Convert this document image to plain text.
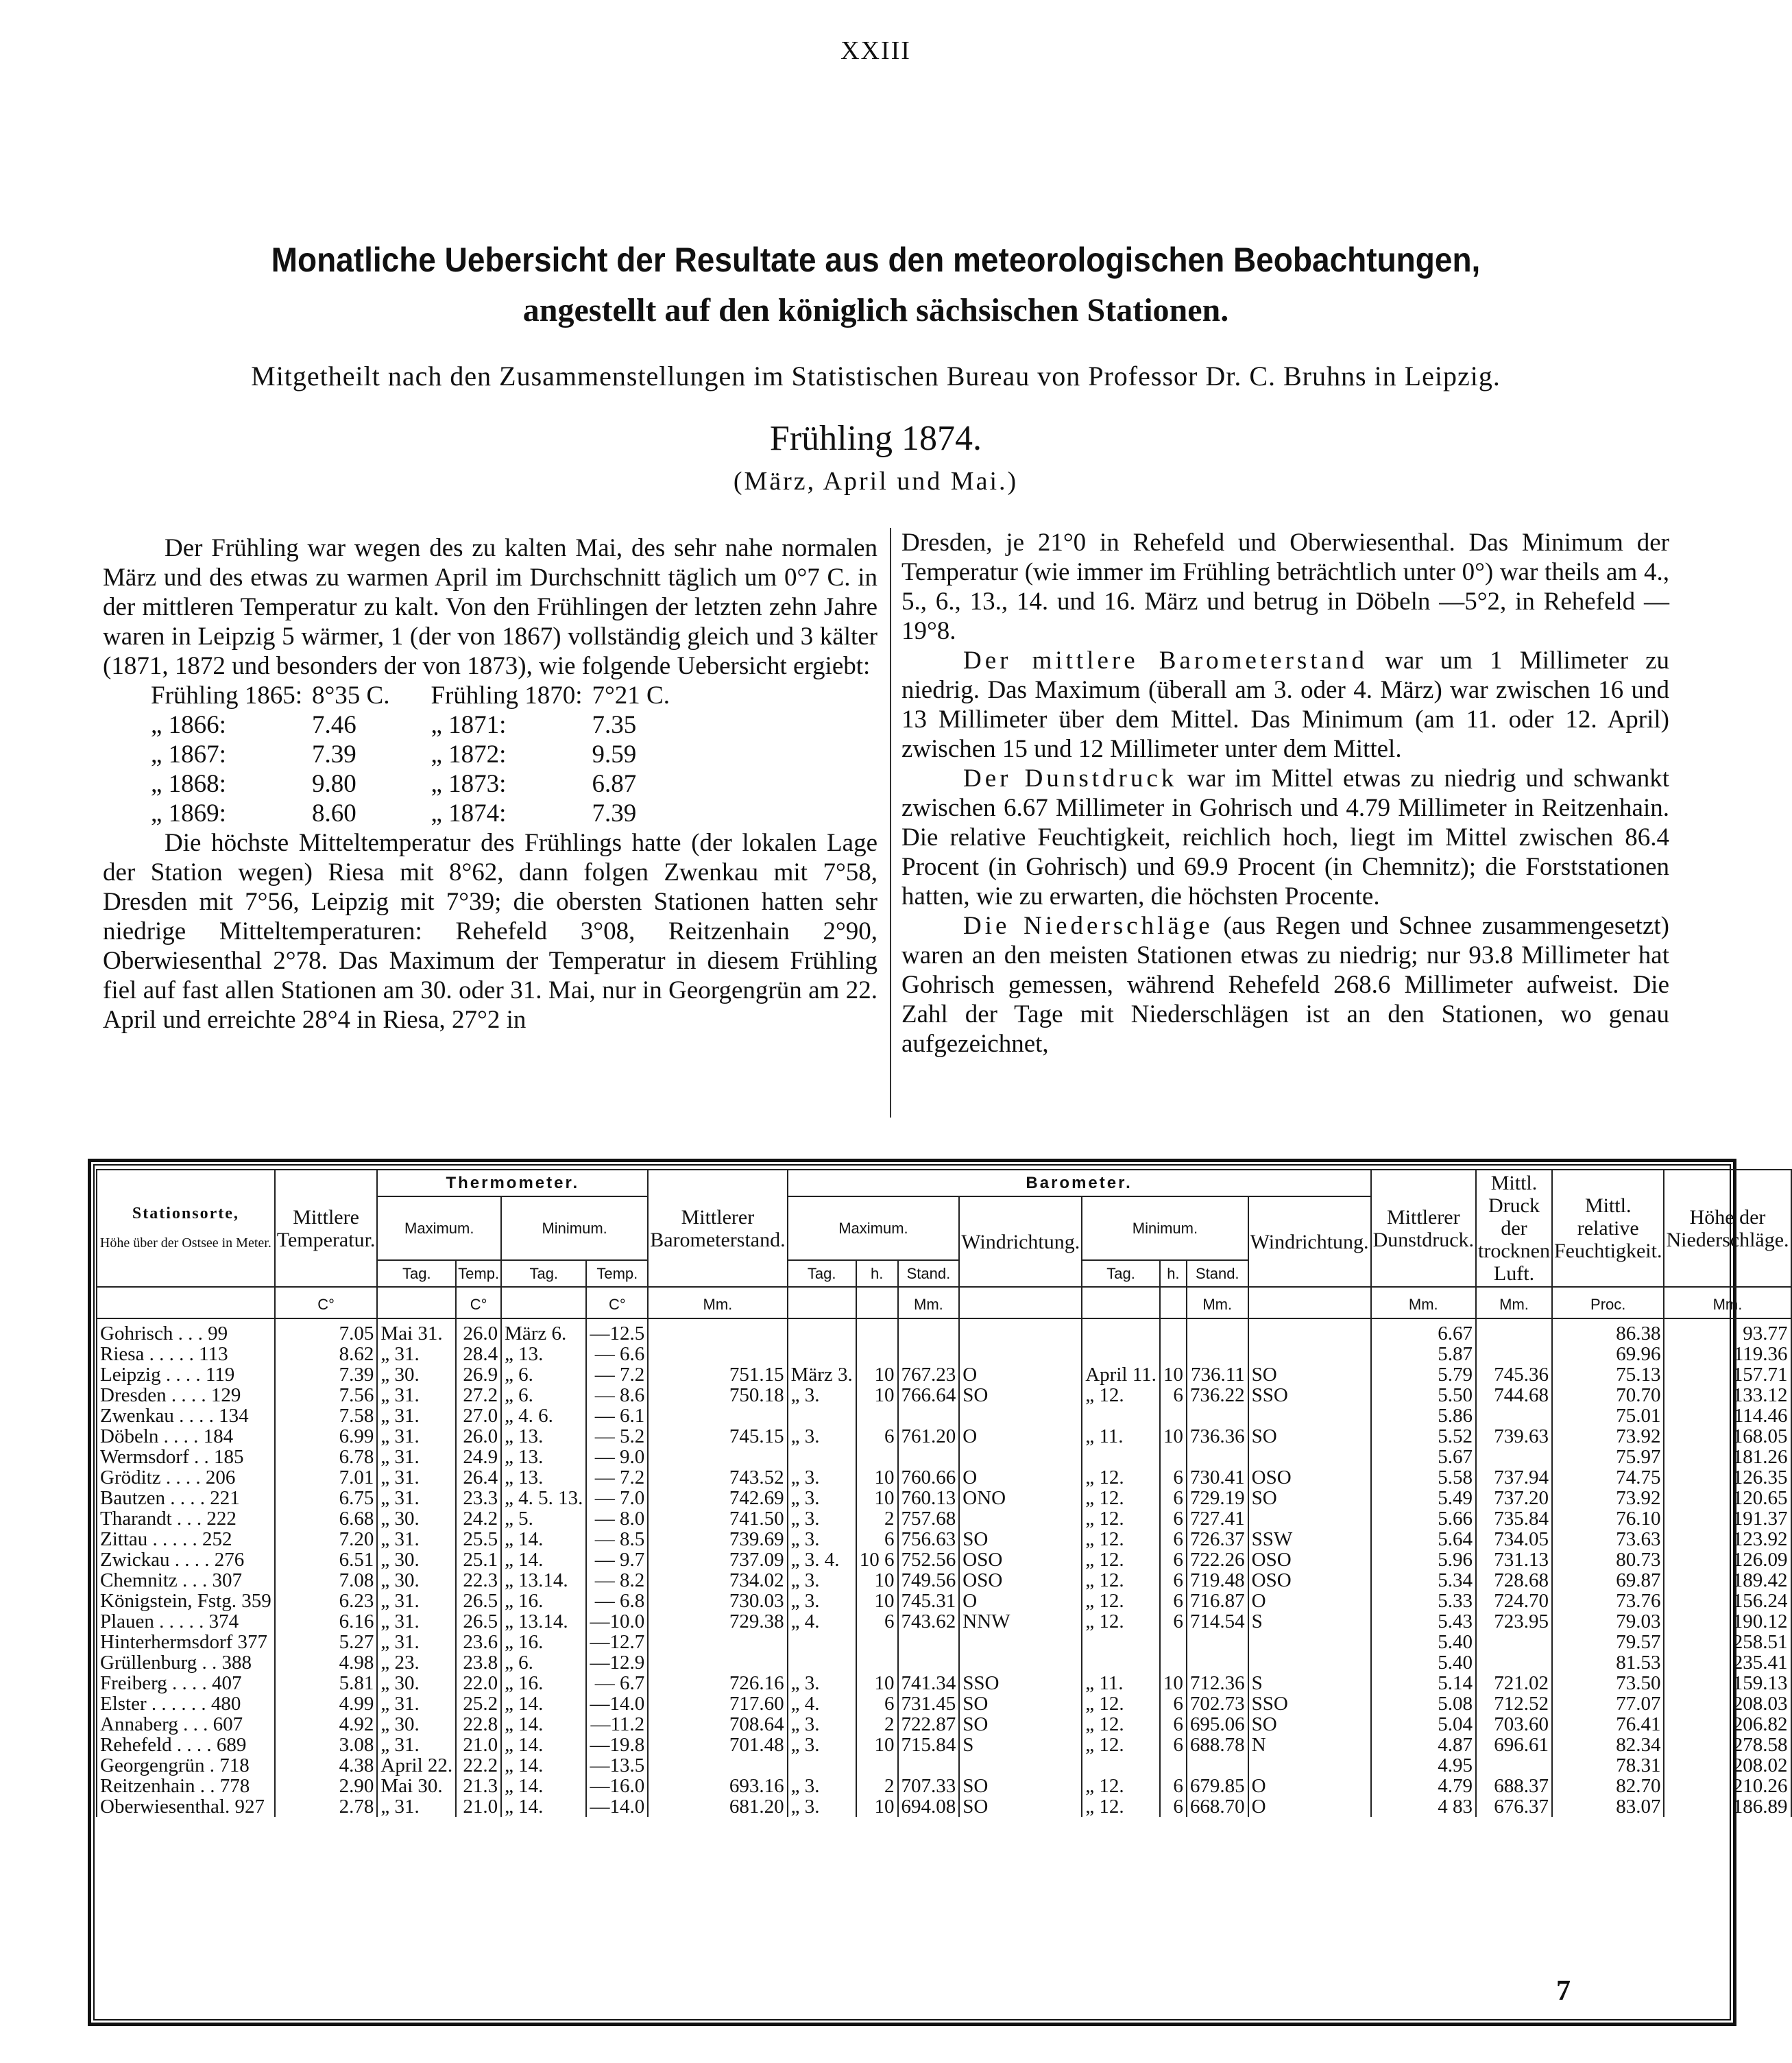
XXIII
Monatliche Uebersicht der Resultate aus den meteorologischen Beobachtungen,
angestellt auf den königlich sächsischen Stationen.
Mitgetheilt nach den Zusammenstellungen im Statistischen Bureau von Professor Dr. C. Bruhns in Leipzig.
Frühling 1874.
(März, April und Mai.)

Der Frühling war wegen des zu kalten Mai, des sehr nahe normalen März und des etwas zu warmen April im Durchschnitt täglich um 0°7 C. in der mittleren Temperatur zu kalt. Von den Frühlingen der letzten zehn Jahre waren in Leipzig 5 wärmer, 1 (der von 1867) vollständig gleich und 3 kälter (1871, 1872 und besonders der von 1873), wie folgende Uebersicht ergiebt:

Frühling 1865:	8°35 C.	Frühling 1870:	7°21 C.
„ 1866:	7.46	„ 1871:	7.35
„ 1867:	7.39	„ 1872:	9.59
„ 1868:	9.80	„ 1873:	6.87
„ 1869:	8.60	„ 1874:	7.39

Die höchste Mitteltemperatur des Frühlings hatte (der lokalen Lage der Station wegen) Riesa mit 8°62, dann folgen Zwenkau mit 7°58, Dresden mit 7°56, Leipzig mit 7°39; die obersten Stationen hatten sehr niedrige Mitteltemperaturen: Rehefeld 3°08, Reitzenhain 2°90, Oberwiesenthal 2°78. Das Maximum der Temperatur in diesem Frühling fiel auf fast allen Stationen am 30. oder 31. Mai, nur in Georgengrün am 22. April und erreichte 28°4 in Riesa, 27°2 in

Dresden, je 21°0 in Rehefeld und Oberwiesenthal. Das Minimum der Temperatur (wie immer im Frühling beträchtlich unter 0°) war theils am 4., 5., 6., 13., 14. und 16. März und betrug in Döbeln —5°2, in Rehefeld —19°8.

Der mittlere Barometerstand war um 1 Millimeter zu niedrig. Das Maximum (überall am 3. oder 4. März) war zwischen 16 und 13 Millimeter über dem Mittel. Das Minimum (am 11. oder 12. April) zwischen 15 und 12 Millimeter unter dem Mittel.

Der Dunstdruck war im Mittel etwas zu niedrig und schwankt zwischen 6.67 Millimeter in Gohrisch und 4.79 Millimeter in Reitzenhain. Die relative Feuchtigkeit, reichlich hoch, liegt im Mittel zwischen 86.4 Procent (in Gohrisch) und 69.9 Procent (in Chemnitz); die Forststationen hatten, wie zu erwarten, die höchsten Procente.

Die Niederschläge (aus Regen und Schnee zusammengesetzt) waren an den meisten Stationen etwas zu niedrig; nur 93.8 Millimeter hat Gohrisch gemessen, während Rehefeld 268.6 Millimeter aufweist. Die Zahl der Tage mit Niederschlägen ist an den Stationen, wo genau aufgezeichnet,

Stationsorte,
Höhe über der Ostsee in Meter.	Mittlere Temperatur.	Thermometer.				Mittlerer Barometerstand.	Barometer.								Mittlerer Dunstdruck.	Mittl. Druck der trocknen Luft.	Mittl. relative Feuchtigkeit.	Höhe der Niederschläge.
		Maximum.		Minimum.			Maximum.			Windrichtung.	Minimum.			Windrichtung.				
		Tag.	Temp.	Tag.	Temp.		Tag.	h.	Stand.		Tag.	h.	Stand.					
	C°		C°		C°	Mm.			Mm.				Mm.		Mm.	Mm.	Proc.	Mm.
Gohrisch . . . 99	7.05	Mai 31.	26.0	März 6.	—12.5										6.67		86.38	93.77
Riesa . . . . . 113	8.62	„ 31.	28.4	„ 13.	— 6.6										5.87		69.96	119.36
Leipzig . . . . 119	7.39	„ 30.	26.9	„ 6.	— 7.2	751.15	März 3.	10	767.23	O	April 11.	10	736.11	SO	5.79	745.36	75.13	157.71
Dresden . . . . 129	7.56	„ 31.	27.2	„ 6.	— 8.6	750.18	„ 3.	10	766.64	SO	„ 12.	6	736.22	SSO	5.50	744.68	70.70	133.12
Zwenkau . . . . 134	7.58	„ 31.	27.0	„ 4. 6.	— 6.1										5.86		75.01	114.46
Döbeln . . . . 184	6.99	„ 31.	26.0	„ 13.	— 5.2	745.15	„ 3.	6	761.20	O	„ 11.	10	736.36	SO	5.52	739.63	73.92	168.05
Wermsdorf . . 185	6.78	„ 31.	24.9	„ 13.	— 9.0										5.67		75.97	181.26
Gröditz . . . . 206	7.01	„ 31.	26.4	„ 13.	— 7.2	743.52	„ 3.	10	760.66	O	„ 12.	6	730.41	OSO	5.58	737.94	74.75	126.35
Bautzen . . . . 221	6.75	„ 31.	23.3	„ 4. 5. 13.	— 7.0	742.69	„ 3.	10	760.13	ONO	„ 12.	6	729.19	SO	5.49	737.20	73.92	120.65
Tharandt . . . 222	6.68	„ 30.	24.2	„ 5.	— 8.0	741.50	„ 3.	2	757.68		„ 12.	6	727.41		5.66	735.84	76.10	191.37
Zittau . . . . . 252	7.20	„ 31.	25.5	„ 14.	— 8.5	739.69	„ 3.	6	756.63	SO	„ 12.	6	726.37	SSW	5.64	734.05	73.63	123.92
Zwickau . . . . 276	6.51	„ 30.	25.1	„ 14.	— 9.7	737.09	„ 3. 4.	10 6	752.56	OSO	„ 12.	6	722.26	OSO	5.96	731.13	80.73	126.09
Chemnitz . . . 307	7.08	„ 30.	22.3	„ 13.14.	— 8.2	734.02	„ 3.	10	749.56	OSO	„ 12.	6	719.48	OSO	5.34	728.68	69.87	189.42
Königstein, Fstg. 359	6.23	„ 31.	26.5	„ 16.	— 6.8	730.03	„ 3.	10	745.31	O	„ 12.	6	716.87	O	5.33	724.70	73.76	156.24
Plauen . . . . . 374	6.16	„ 31.	26.5	„ 13.14.	—10.0	729.38	„ 4.	6	743.62	NNW	„ 12.	6	714.54	S	5.43	723.95	79.03	190.12
Hinterhermsdorf 377	5.27	„ 31.	23.6	„ 16.	—12.7										5.40		79.57	258.51
Grüllenburg . . 388	4.98	„ 23.	23.8	„ 6.	—12.9										5.40		81.53	235.41
Freiberg . . . . 407	5.81	„ 30.	22.0	„ 16.	— 6.7	726.16	„ 3.	10	741.34	SSO	„ 11.	10	712.36	S	5.14	721.02	73.50	159.13
Elster . . . . . . 480	4.99	„ 31.	25.2	„ 14.	—14.0	717.60	„ 4.	6	731.45	SO	„ 12.	6	702.73	SSO	5.08	712.52	77.07	208.03
Annaberg . . . 607	4.92	„ 30.	22.8	„ 14.	—11.2	708.64	„ 3.	2	722.87	SO	„ 12.	6	695.06	SO	5.04	703.60	76.41	206.82
Rehefeld . . . . 689	3.08	„ 31.	21.0	„ 14.	—19.8	701.48	„ 3.	10	715.84	S	„ 12.	6	688.78	N	4.87	696.61	82.34	278.58
Georgengrün . 718	4.38	April 22.	22.2	„ 14.	—13.5										4.95		78.31	208.02
Reitzenhain . . 778	2.90	Mai 30.	21.3	„ 14.	—16.0	693.16	„ 3.	2	707.33	SO	„ 12.	6	679.85	O	4.79	688.37	82.70	210.26
Oberwiesenthal. 927	2.78	„ 31.	21.0	„ 14.	—14.0	681.20	„ 3.	10	694.08	SO	„ 12.	6	668.70	O	4 83	676.37	83.07	186.89
7
